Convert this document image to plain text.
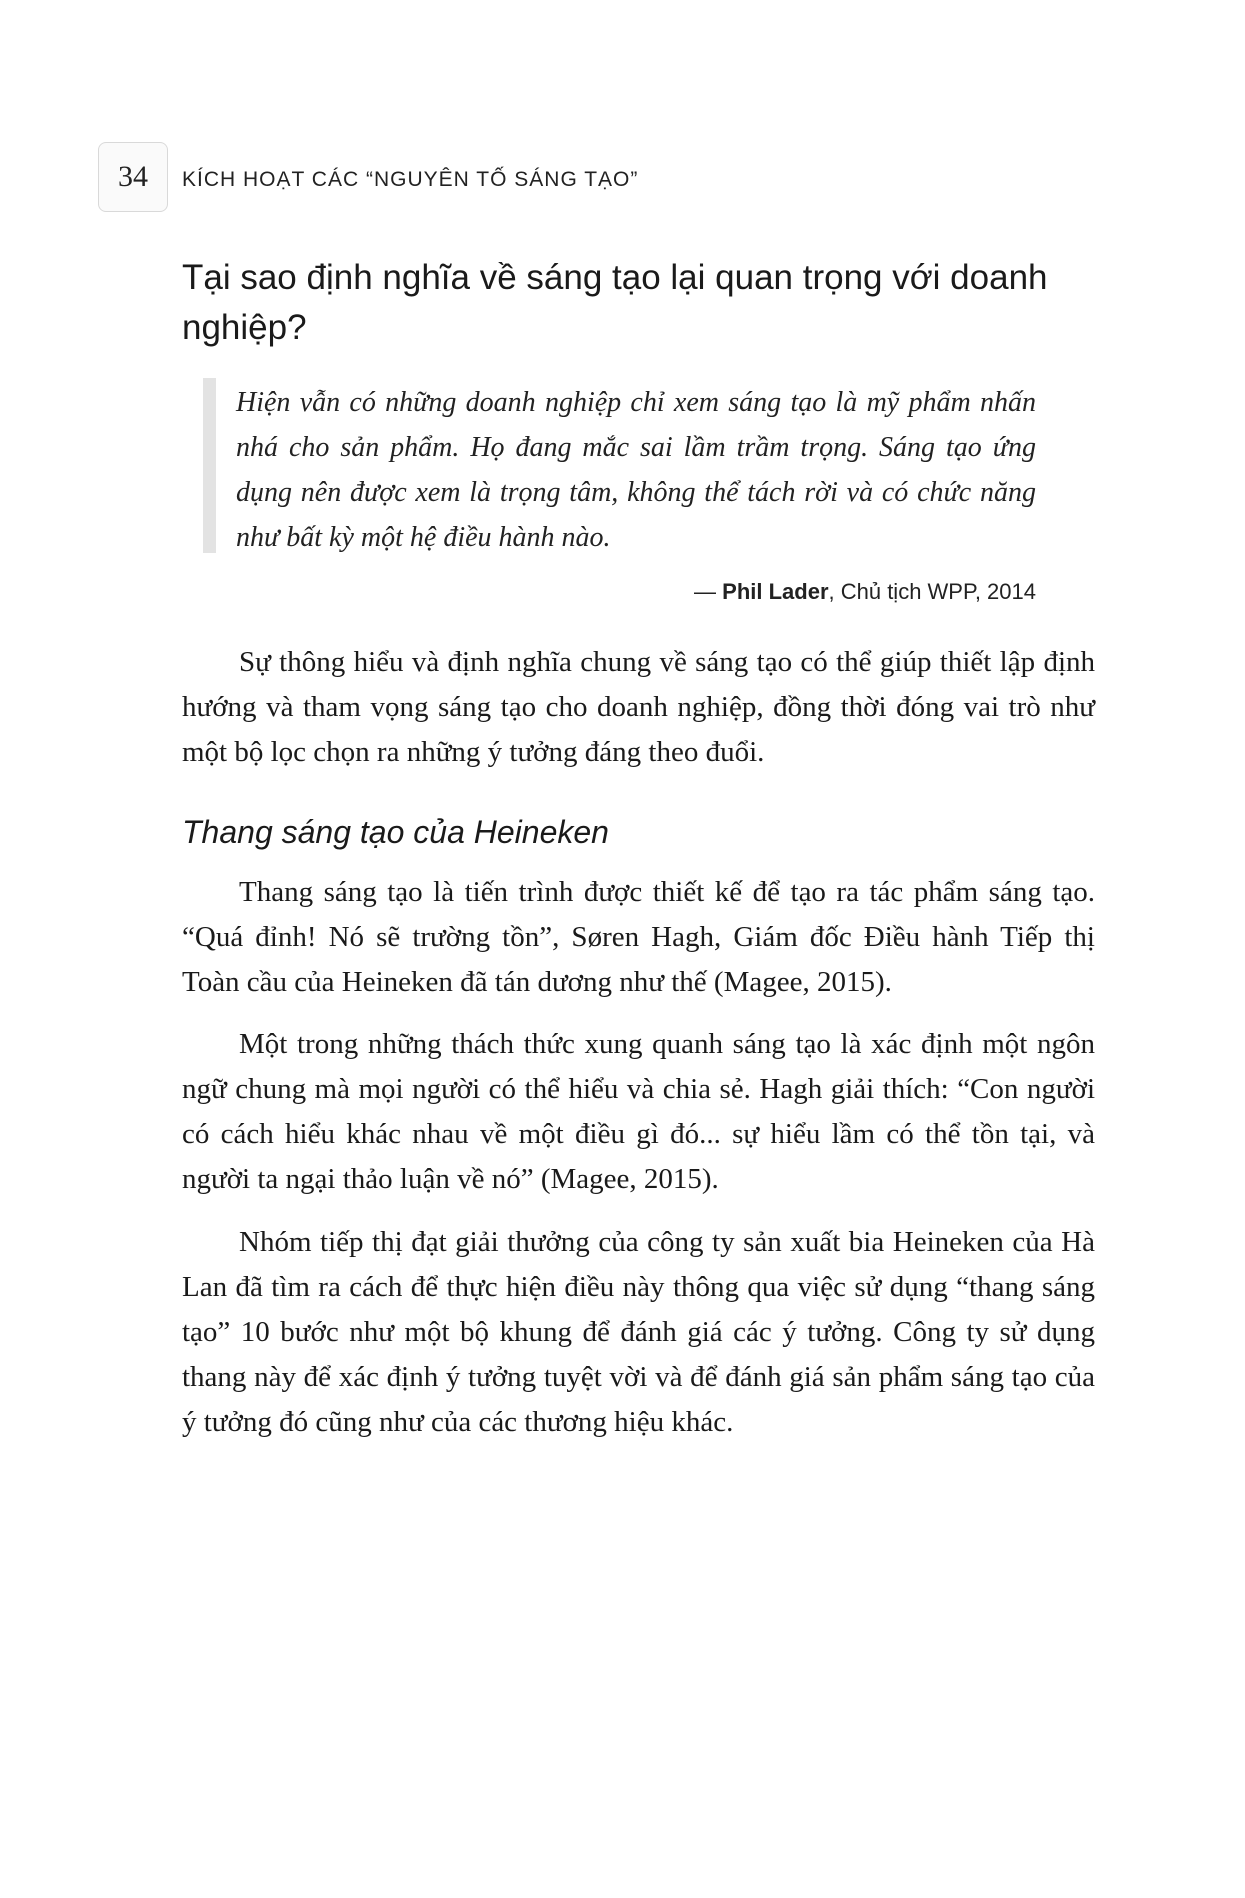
34	KÍCH HOẠT CÁC “NGUYÊN TỐ SÁNG TẠO”
Tại sao định nghĩa về sáng tạo lại quan trọng với doanh nghiệp?

Hiện vẫn có những doanh nghiệp chỉ xem sáng tạo là mỹ phẩm nhấn nhá cho sản phẩm. Họ đang mắc sai lầm trầm trọng. Sáng tạo ứng dụng nên được xem là trọng tâm, không thể tách rời và có chức năng như bất kỳ một hệ điều hành nào.

— Phil Lader, Chủ tịch WPP, 2014

Sự thông hiểu và định nghĩa chung về sáng tạo có thể giúp thiết lập định hướng và tham vọng sáng tạo cho doanh nghiệp, đồng thời đóng vai trò như một bộ lọc chọn ra những ý tưởng đáng theo đuổi.

Thang sáng tạo của Heineken

Thang sáng tạo là tiến trình được thiết kế để tạo ra tác phẩm sáng tạo. “Quá đỉnh! Nó sẽ trường tồn”, Søren Hagh, Giám đốc Điều hành Tiếp thị Toàn cầu của Heineken đã tán dương như thế (Magee, 2015).

Một trong những thách thức xung quanh sáng tạo là xác định một ngôn ngữ chung mà mọi người có thể hiểu và chia sẻ. Hagh giải thích: “Con người có cách hiểu khác nhau về một điều gì đó... sự hiểu lầm có thể tồn tại, và người ta ngại thảo luận về nó” (Magee, 2015).

Nhóm tiếp thị đạt giải thưởng của công ty sản xuất bia Heineken của Hà Lan đã tìm ra cách để thực hiện điều này thông qua việc sử dụng “thang sáng tạo” 10 bước như một bộ khung để đánh giá các ý tưởng. Công ty sử dụng thang này để xác định ý tưởng tuyệt vời và để đánh giá sản phẩm sáng tạo của ý tưởng đó cũng như của các thương hiệu khác.
